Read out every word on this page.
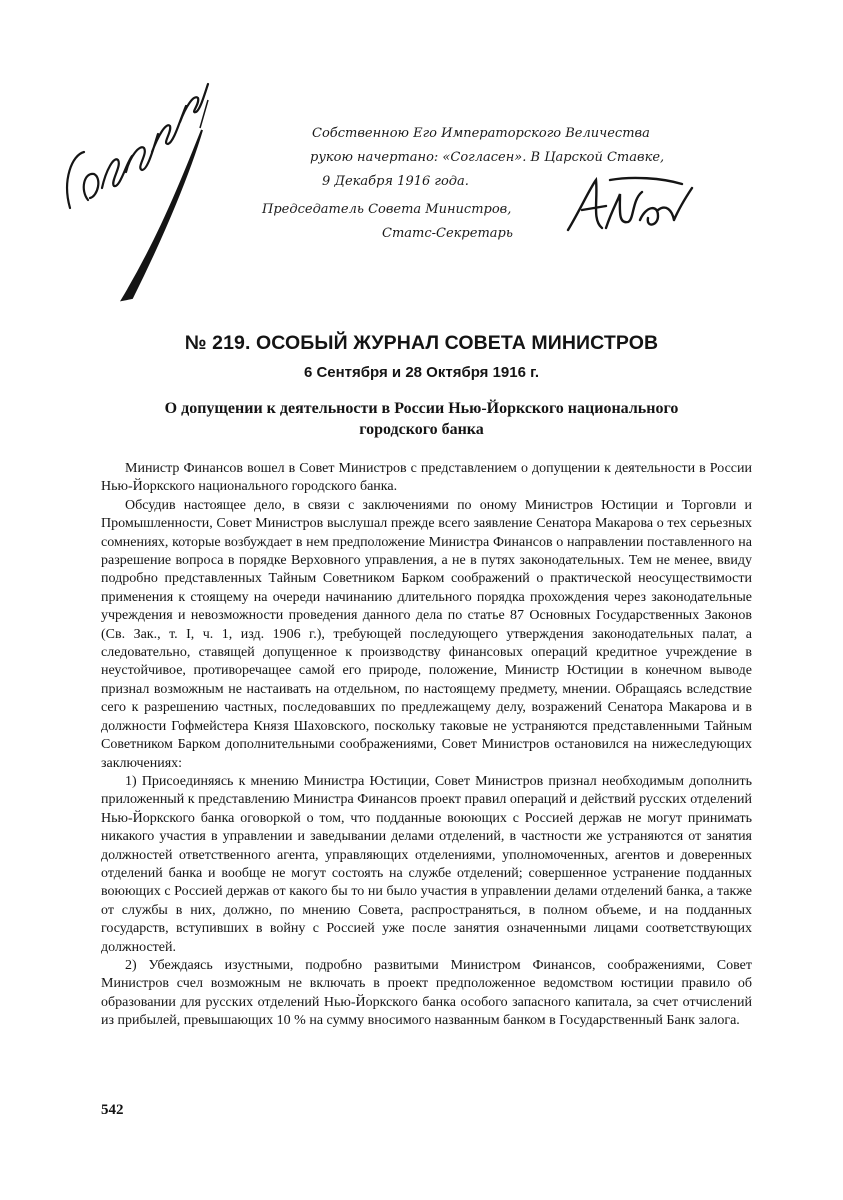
Собственною Его Императорского Величества
рукою начертано: «Согласен». В Царской Ставке,
9 Декабря 1916 года.
Председатель Совета Министров,
Статс-Секретарь
№ 219. ОСОБЫЙ ЖУРНАЛ СОВЕТА МИНИСТРОВ
6 Сентября и 28 Октября 1916 г.
О допущении к деятельности в России Нью-Йоркского национального городского банка

Министр Финансов вошел в Совет Министров с представлением о допущении к деятельности в России Нью-Йоркского национального городского банка.

Обсудив настоящее дело, в связи с заключениями по оному Министров Юстиции и Торговли и Промышленности, Совет Министров выслушал прежде всего заявление Сенатора Макарова о тех серьезных сомнениях, которые возбуждает в нем предположение Министра Финансов о направлении поставленного на разрешение вопроса в порядке Верховного управления, а не в путях законодательных. Тем не менее, ввиду подробно представленных Тайным Советником Барком соображений о практической неосуществимости применения к стоящему на очереди начинанию длительного порядка прохождения через законодательные учреждения и невозможности проведения данного дела по статье 87 Основных Государственных Законов (Св. Зак., т. I, ч. 1, изд. 1906 г.), требующей последующего утверждения законодательных палат, а следовательно, ставящей допущенное к производству финансовых операций кредитное учреждение в неустойчивое, противоречащее самой его природе, положение, Министр Юстиции в конечном выводе признал возможным не настаивать на отдельном, по настоящему предмету, мнении. Обращаясь вследствие сего к разрешению частных, последовавших по предлежащему делу, возражений Сенатора Макарова и в должности Гофмейстера Князя Шаховского, поскольку таковые не устраняются представленными Тайным Советником Барком дополнительными соображениями, Совет Министров остановился на нижеследующих заключениях:

1) Присоединяясь к мнению Министра Юстиции, Совет Министров признал необходимым дополнить приложенный к представлению Министра Финансов проект правил операций и действий русских отделений Нью-Йоркского банка оговоркой о том, что подданные воюющих с Россией держав не могут принимать никакого участия в управлении и заведывании делами отделений, в частности же устраняются от занятия должностей ответственного агента, управляющих отделениями, уполномоченных, агентов и доверенных отделений банка и вообще не могут состоять на службе отделений; совершенное устранение подданных воюющих с Россией держав от какого бы то ни было участия в управлении делами отделений банка, а также от службы в них, должно, по мнению Совета, распространяться, в полном объеме, и на подданных государств, вступивших в войну с Россией уже после занятия означенными лицами соответствующих должностей.

2) Убеждаясь изустными, подробно развитыми Министром Финансов, соображениями, Совет Министров счел возможным не включать в проект предположенное ведомством юстиции правило об образовании для русских отделений Нью-Йоркского банка особого запасного капитала, за счет отчислений из прибылей, превышающих 10 % на сумму вносимого названным банком в Государственный Банк залога.

542
